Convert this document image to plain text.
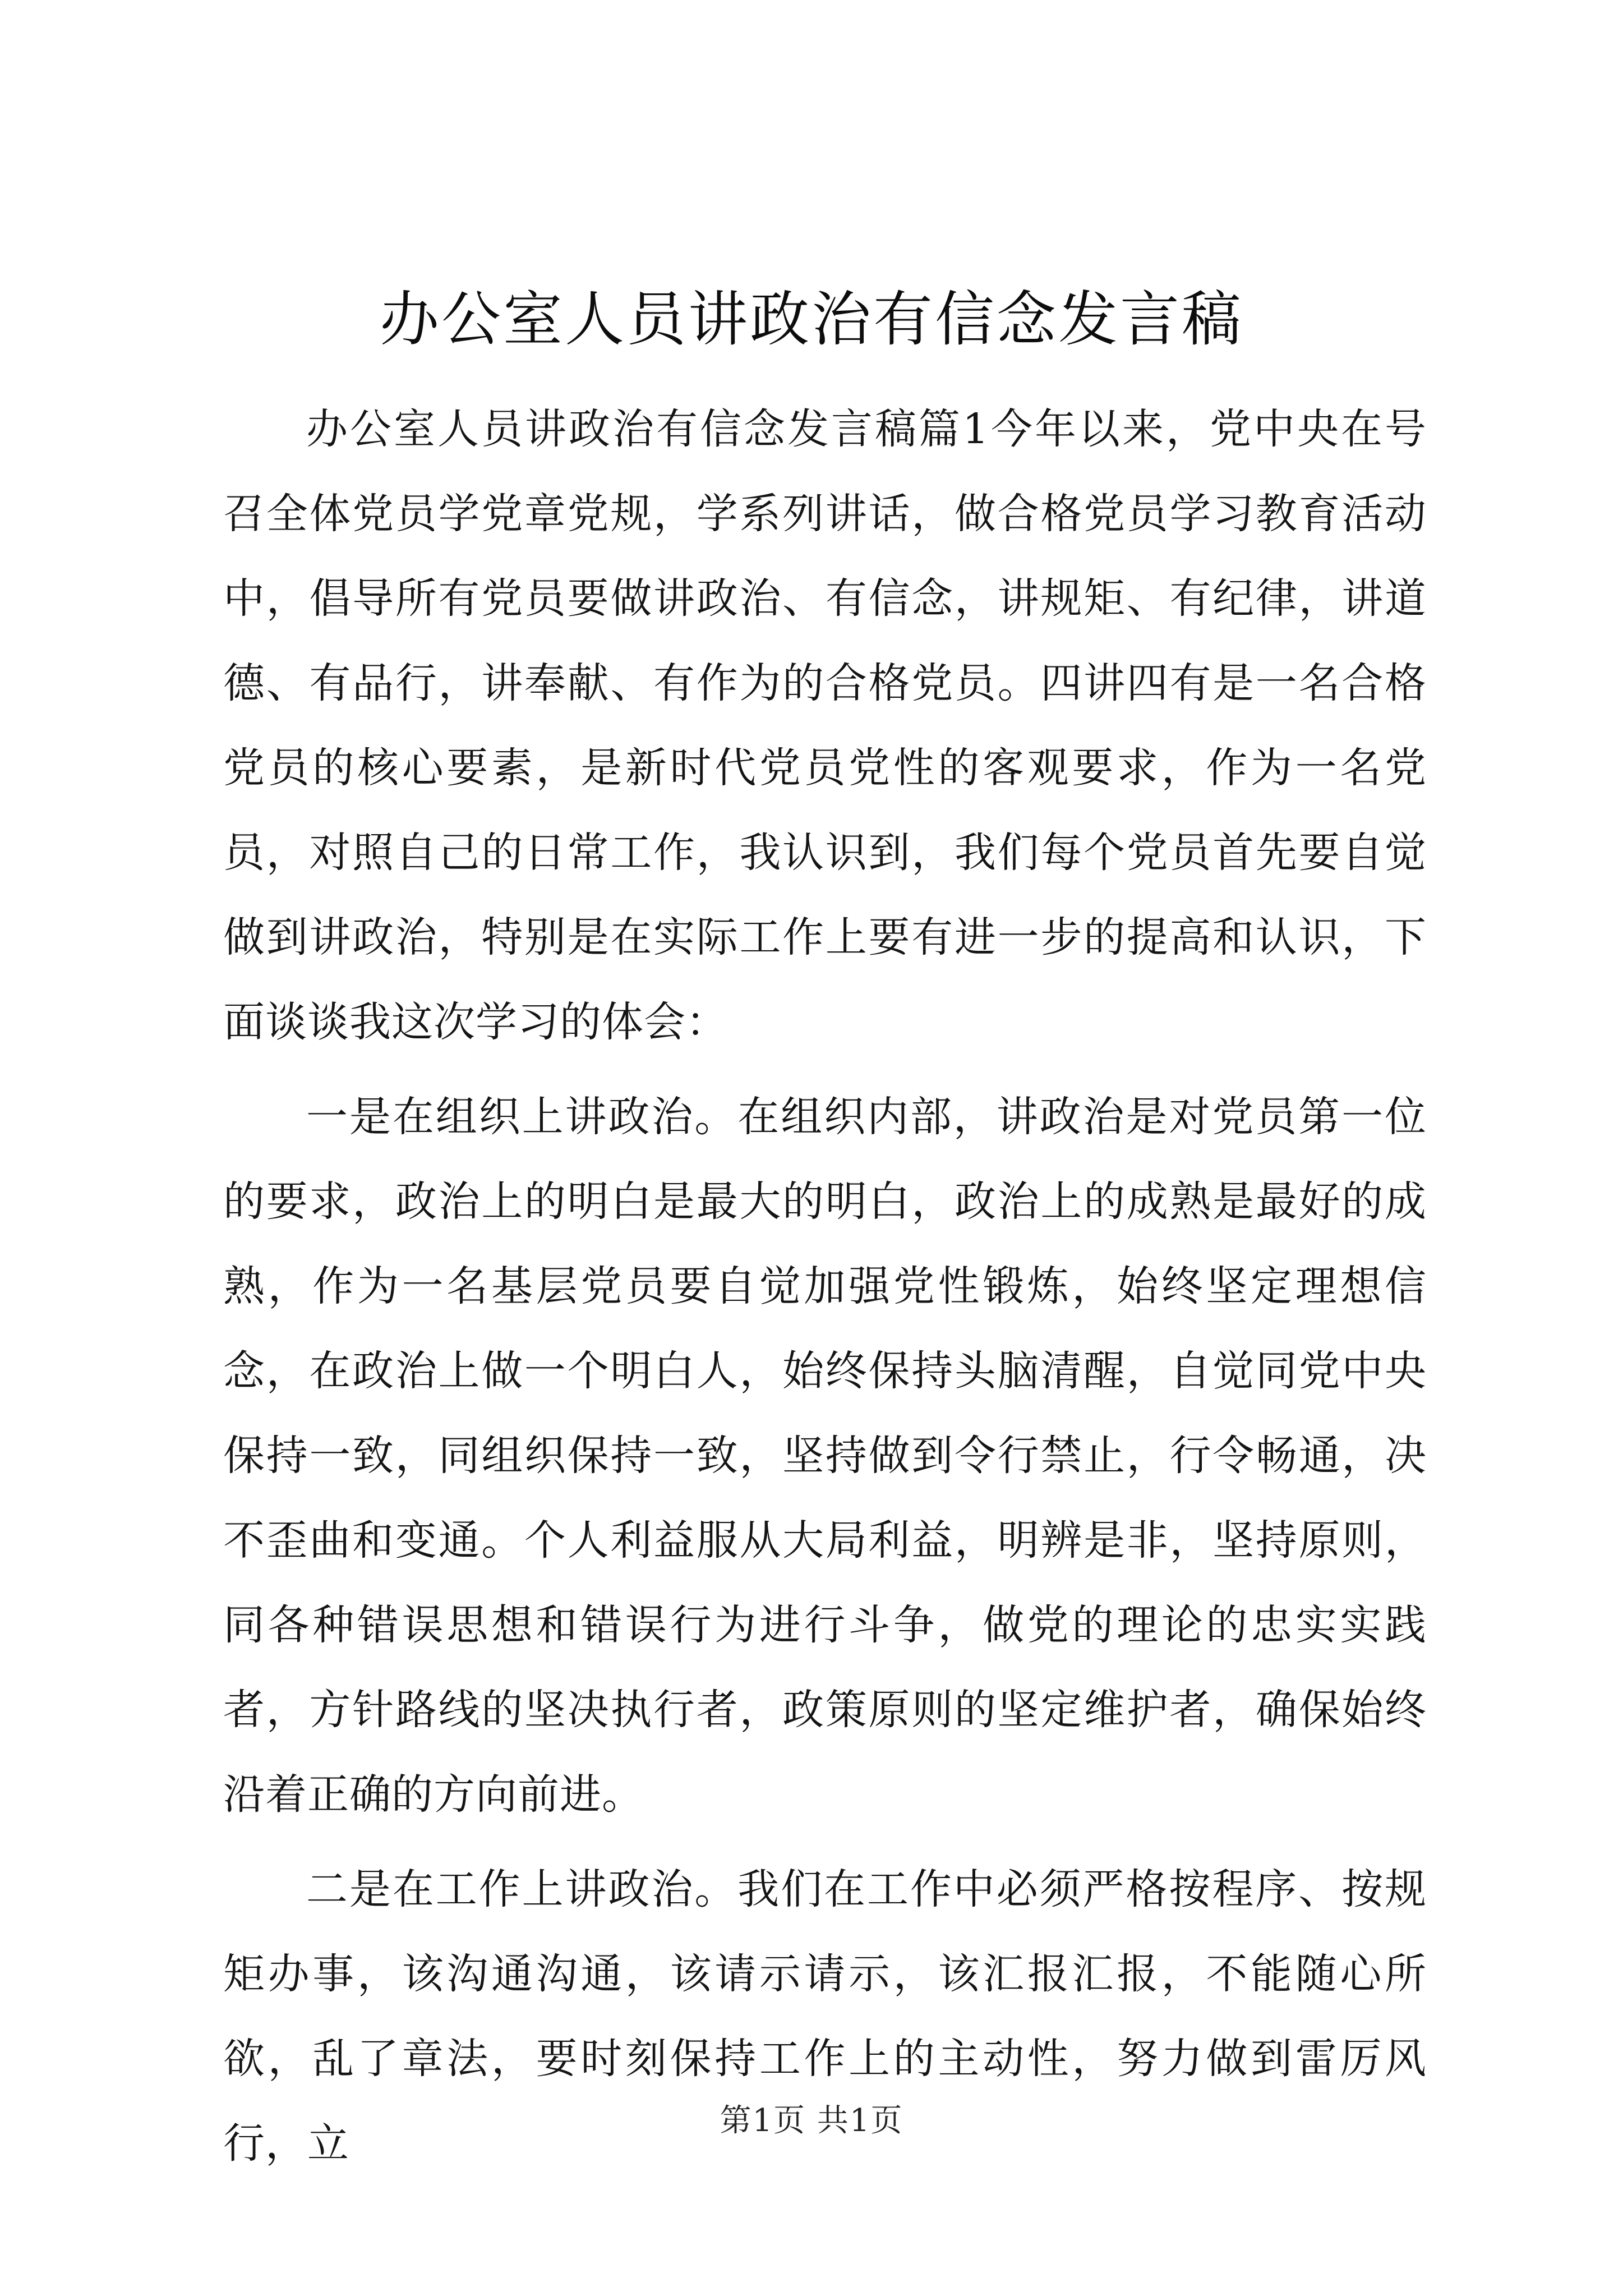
办公室人员讲政治有信念发言稿

办公室人员讲政治有信念发言稿篇1今年以来，党中央在号召全体党员学党章党规，学系列讲话，做合格党员学习教育活动中，倡导所有党员要做讲政治、有信念，讲规矩、有纪律，讲道德、有品行，讲奉献、有作为的合格党员。四讲四有是一名合格党员的核心要素，是新时代党员党性的客观要求，作为一名党员，对照自己的日常工作，我认识到，我们每个党员首先要自觉做到讲政治，特别是在实际工作上要有进一步的提高和认识，下面谈谈我这次学习的体会：

一是在组织上讲政治。在组织内部，讲政治是对党员第一位的要求，政治上的明白是最大的明白，政治上的成熟是最好的成熟，作为一名基层党员要自觉加强党性锻炼，始终坚定理想信念，在政治上做一个明白人，始终保持头脑清醒，自觉同党中央保持一致，同组织保持一致，坚持做到令行禁止，行令畅通，决不歪曲和变通。个人利益服从大局利益，明辨是非，坚持原则，同各种错误思想和错误行为进行斗争，做党的理论的忠实实践者，方针路线的坚决执行者，政策原则的坚定维护者，确保始终沿着正确的方向前进。

二是在工作上讲政治。我们在工作中必须严格按程序、按规矩办事，该沟通沟通，该请示请示，该汇报汇报，不能随心所欲，乱了章法，要时刻保持工作上的主动性，努力做到雷厉风行，立	第1页 共1页
